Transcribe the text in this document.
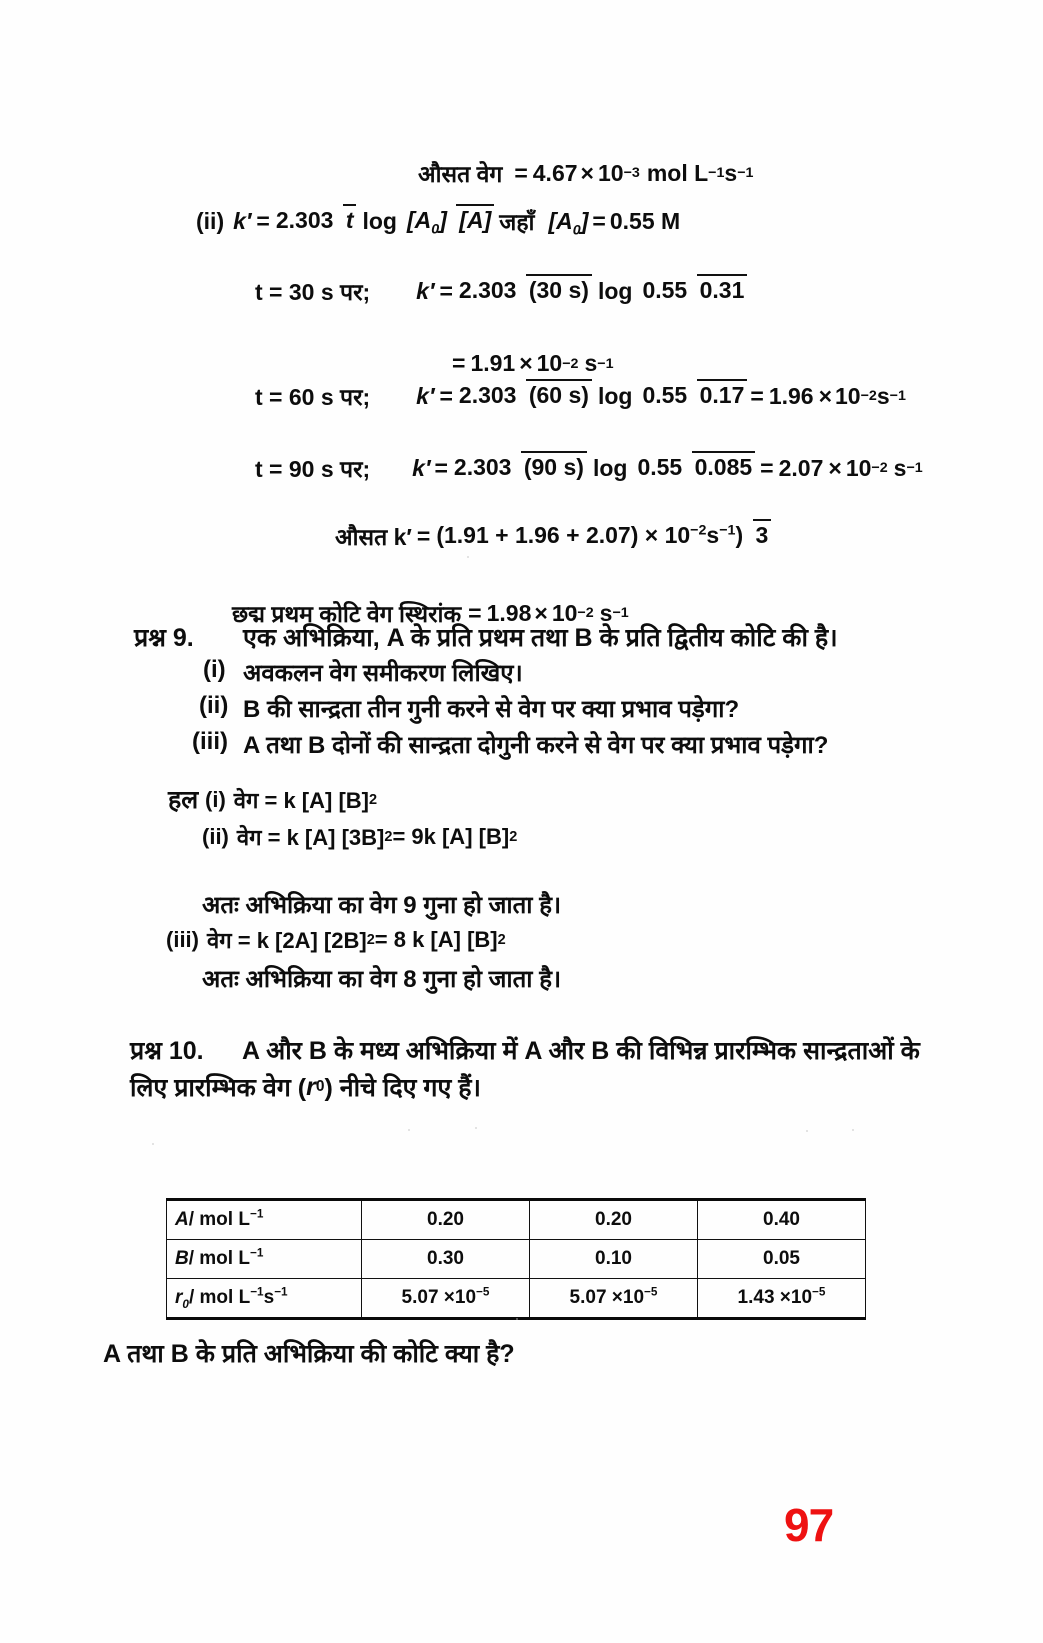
औसत वेग = 4.67 × 10 −3 mol L −1 s −1
(ii) k′ = 2.303 t $\log [A_0]$ [A] जहाँ $[A_0] = 0.55$ M
t = 30 s पर; k′ = 2.303 (30 s) log 0.55 0.31
= 1.91 × 10 −2 s −1
t = 60 s पर; k′ = 2.303 (60 s) log 0.55 0.17 = 1.96 × 10 −2 s −1
t = 90 s पर; k′ = 2.303 (90 s) log 0.55 0.085 = 2.07 × 10 −2 s −1
औसत $k' = (1.91 + 1.96 + 2.07) \times 10^{-2}s^{-1}$) 3
छद्म प्रथम कोटि वेग स्थिरांक = 1.98 × 10 −2 s −1
प्रश्न 9. एक अभिक्रिया, A के प्रति प्रथम तथा B के प्रति द्वितीय कोटि की है।
(i) अवकलन वेग समीकरण लिखिए।
(ii) B की सान्द्रता तीन गुनी करने से वेग पर क्या प्रभाव पड़ेगा?
(iii) A तथा B दोनों की सान्द्रता दोगुनी करने से वेग पर क्या प्रभाव पड़ेगा?
हल (i) वेग = k [A] [B] 2
(ii) वेग = k [A] [3B] 2 = 9k [A] [B] 2
अतः अभिक्रिया का वेग 9 गुना हो जाता है।
(iii) वेग = k [2A] [2B] 2 = 8 k [A] [B] 2
अतः अभिक्रिया का वेग 8 गुना हो जाता है।
प्रश्न 10. A और B के मध्य अभिक्रिया में A और B की विभिन्न प्रारम्भिक सान्द्रताओं के
लिए प्रारम्भिक वेग ( r 0 ) नीचे दिए गए हैं।
A/ mol $L^{-1}$	0.20	0.20	0.40
B/ mol $L^{-1}$	0.30	0.10	0.05
$r_0/$ mol $L^{-1}s^{-1}$	$5.07 \times 10^{-5}$	$5.07 \times 10^{-5}$	$1.43 \times 10^{-5}$
A तथा B के प्रति अभिक्रिया की कोटि क्या है?
97
